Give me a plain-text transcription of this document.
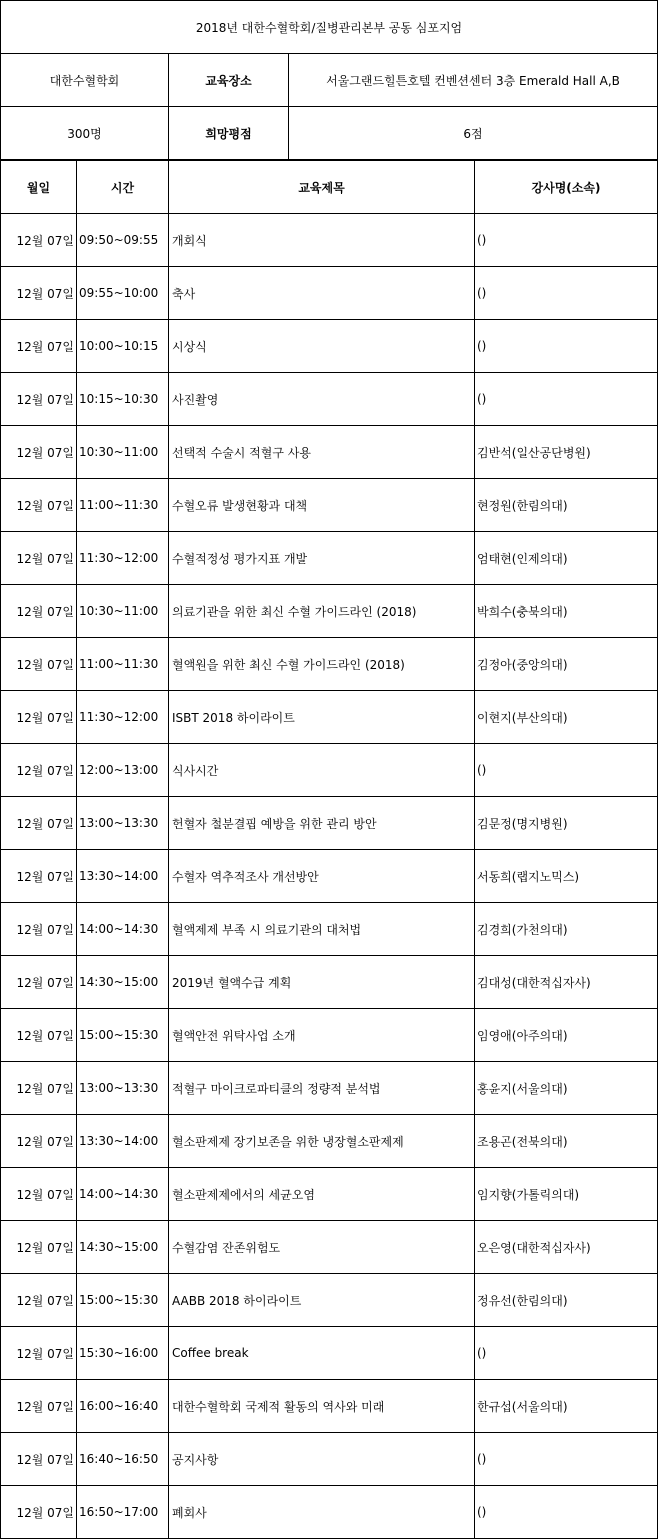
2018년 대한수혈학회/질병관리본부 공동 심포지엄		
대한수혈학회	교육장소	서울그랜드힐튼호텔 컨벤션센터 3층 Emerald Hall A,B
300명	희망평점	6점
월일	시간	교육제목	강사명(소속)
12월 07일	09:50~09:55	개회식	()
12월 07일	09:55~10:00	축사	()
12월 07일	10:00~10:15	시상식	()
12월 07일	10:15~10:30	사진촬영	()
12월 07일	10:30~11:00	선택적 수술시 적혈구 사용	김반석(일산공단병원)
12월 07일	11:00~11:30	수혈오류 발생현황과 대책	현정원(한림의대)
12월 07일	11:30~12:00	수혈적정성 평가지표 개발	엄태현(인제의대)
12월 07일	10:30~11:00	의료기관을 위한 최신 수혈 가이드라인 (2018)	박희수(충북의대)
12월 07일	11:00~11:30	혈액원을 위한 최신 수혈 가이드라인 (2018)	김정아(중앙의대)
12월 07일	11:30~12:00	ISBT 2018 하이라이트	이현지(부산의대)
12월 07일	12:00~13:00	식사시간	()
12월 07일	13:00~13:30	헌혈자 철분결핍 예방을 위한 관리 방안	김문정(명지병원)
12월 07일	13:30~14:00	수혈자 역추적조사 개선방안	서동희(랩지노믹스)
12월 07일	14:00~14:30	혈액제제 부족 시 의료기관의 대처법	김경희(가천의대)
12월 07일	14:30~15:00	2019년 혈액수급 계획	김대성(대한적십자사)
12월 07일	15:00~15:30	혈액안전 위탁사업 소개	임영애(아주의대)
12월 07일	13:00~13:30	적혈구 마이크로파티클의 정량적 분석법	홍윤지(서울의대)
12월 07일	13:30~14:00	혈소판제제 장기보존을 위한 냉장혈소판제제	조용곤(전북의대)
12월 07일	14:00~14:30	혈소판제제에서의 세균오염	임지향(가톨릭의대)
12월 07일	14:30~15:00	수혈감염 잔존위험도	오은영(대한적십자사)
12월 07일	15:00~15:30	AABB 2018 하이라이트	정유선(한림의대)
12월 07일	15:30~16:00	Coffee break	()
12월 07일	16:00~16:40	대한수혈학회 국제적 활동의 역사와 미래	한규섭(서울의대)
12월 07일	16:40~16:50	공지사항	()
12월 07일	16:50~17:00	폐회사	()
